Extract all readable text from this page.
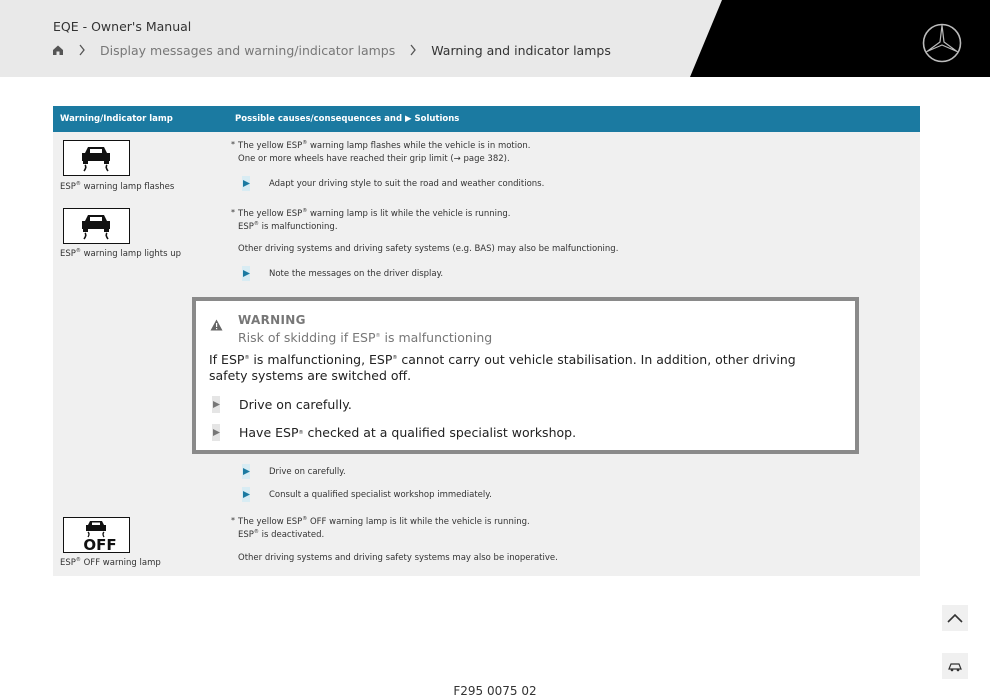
EQE - Owner's Manual
Display messages and warning/indicator lamps	Warning and indicator lamps
Warning/Indicator lamp	Possible causes/consequences and ▶ Solutions
ESP® warning lamp flashes
* The yellow ESP® warning lamp flashes while the vehicle is in motion.
One or more wheels have reached their grip limit (→ page 382).
Adapt your driving style to suit the road and weather conditions.
ESP® warning lamp lights up
* The yellow ESP® warning lamp is lit while the vehicle is running.
ESP® is malfunctioning.
Other driving systems and driving safety systems (e.g. BAS) may also be malfunctioning.
Note the messages on the driver display.
Drive on carefully.
Consult a qualified specialist workshop immediately.
OFF
ESP® OFF warning lamp
* The yellow ESP® OFF warning lamp is lit while the vehicle is running.
ESP® is deactivated.
Other driving systems and driving safety systems may also be inoperative.
WARNING
Risk of skidding if ESP® is malfunctioning
If ESP® is malfunctioning, ESP® cannot carry out vehicle stabilisation. In addition, other driving safety systems are switched off.
Drive on carefully.
Have ESP ®
checked at a qualified specialist workshop.
F295 0075 02
